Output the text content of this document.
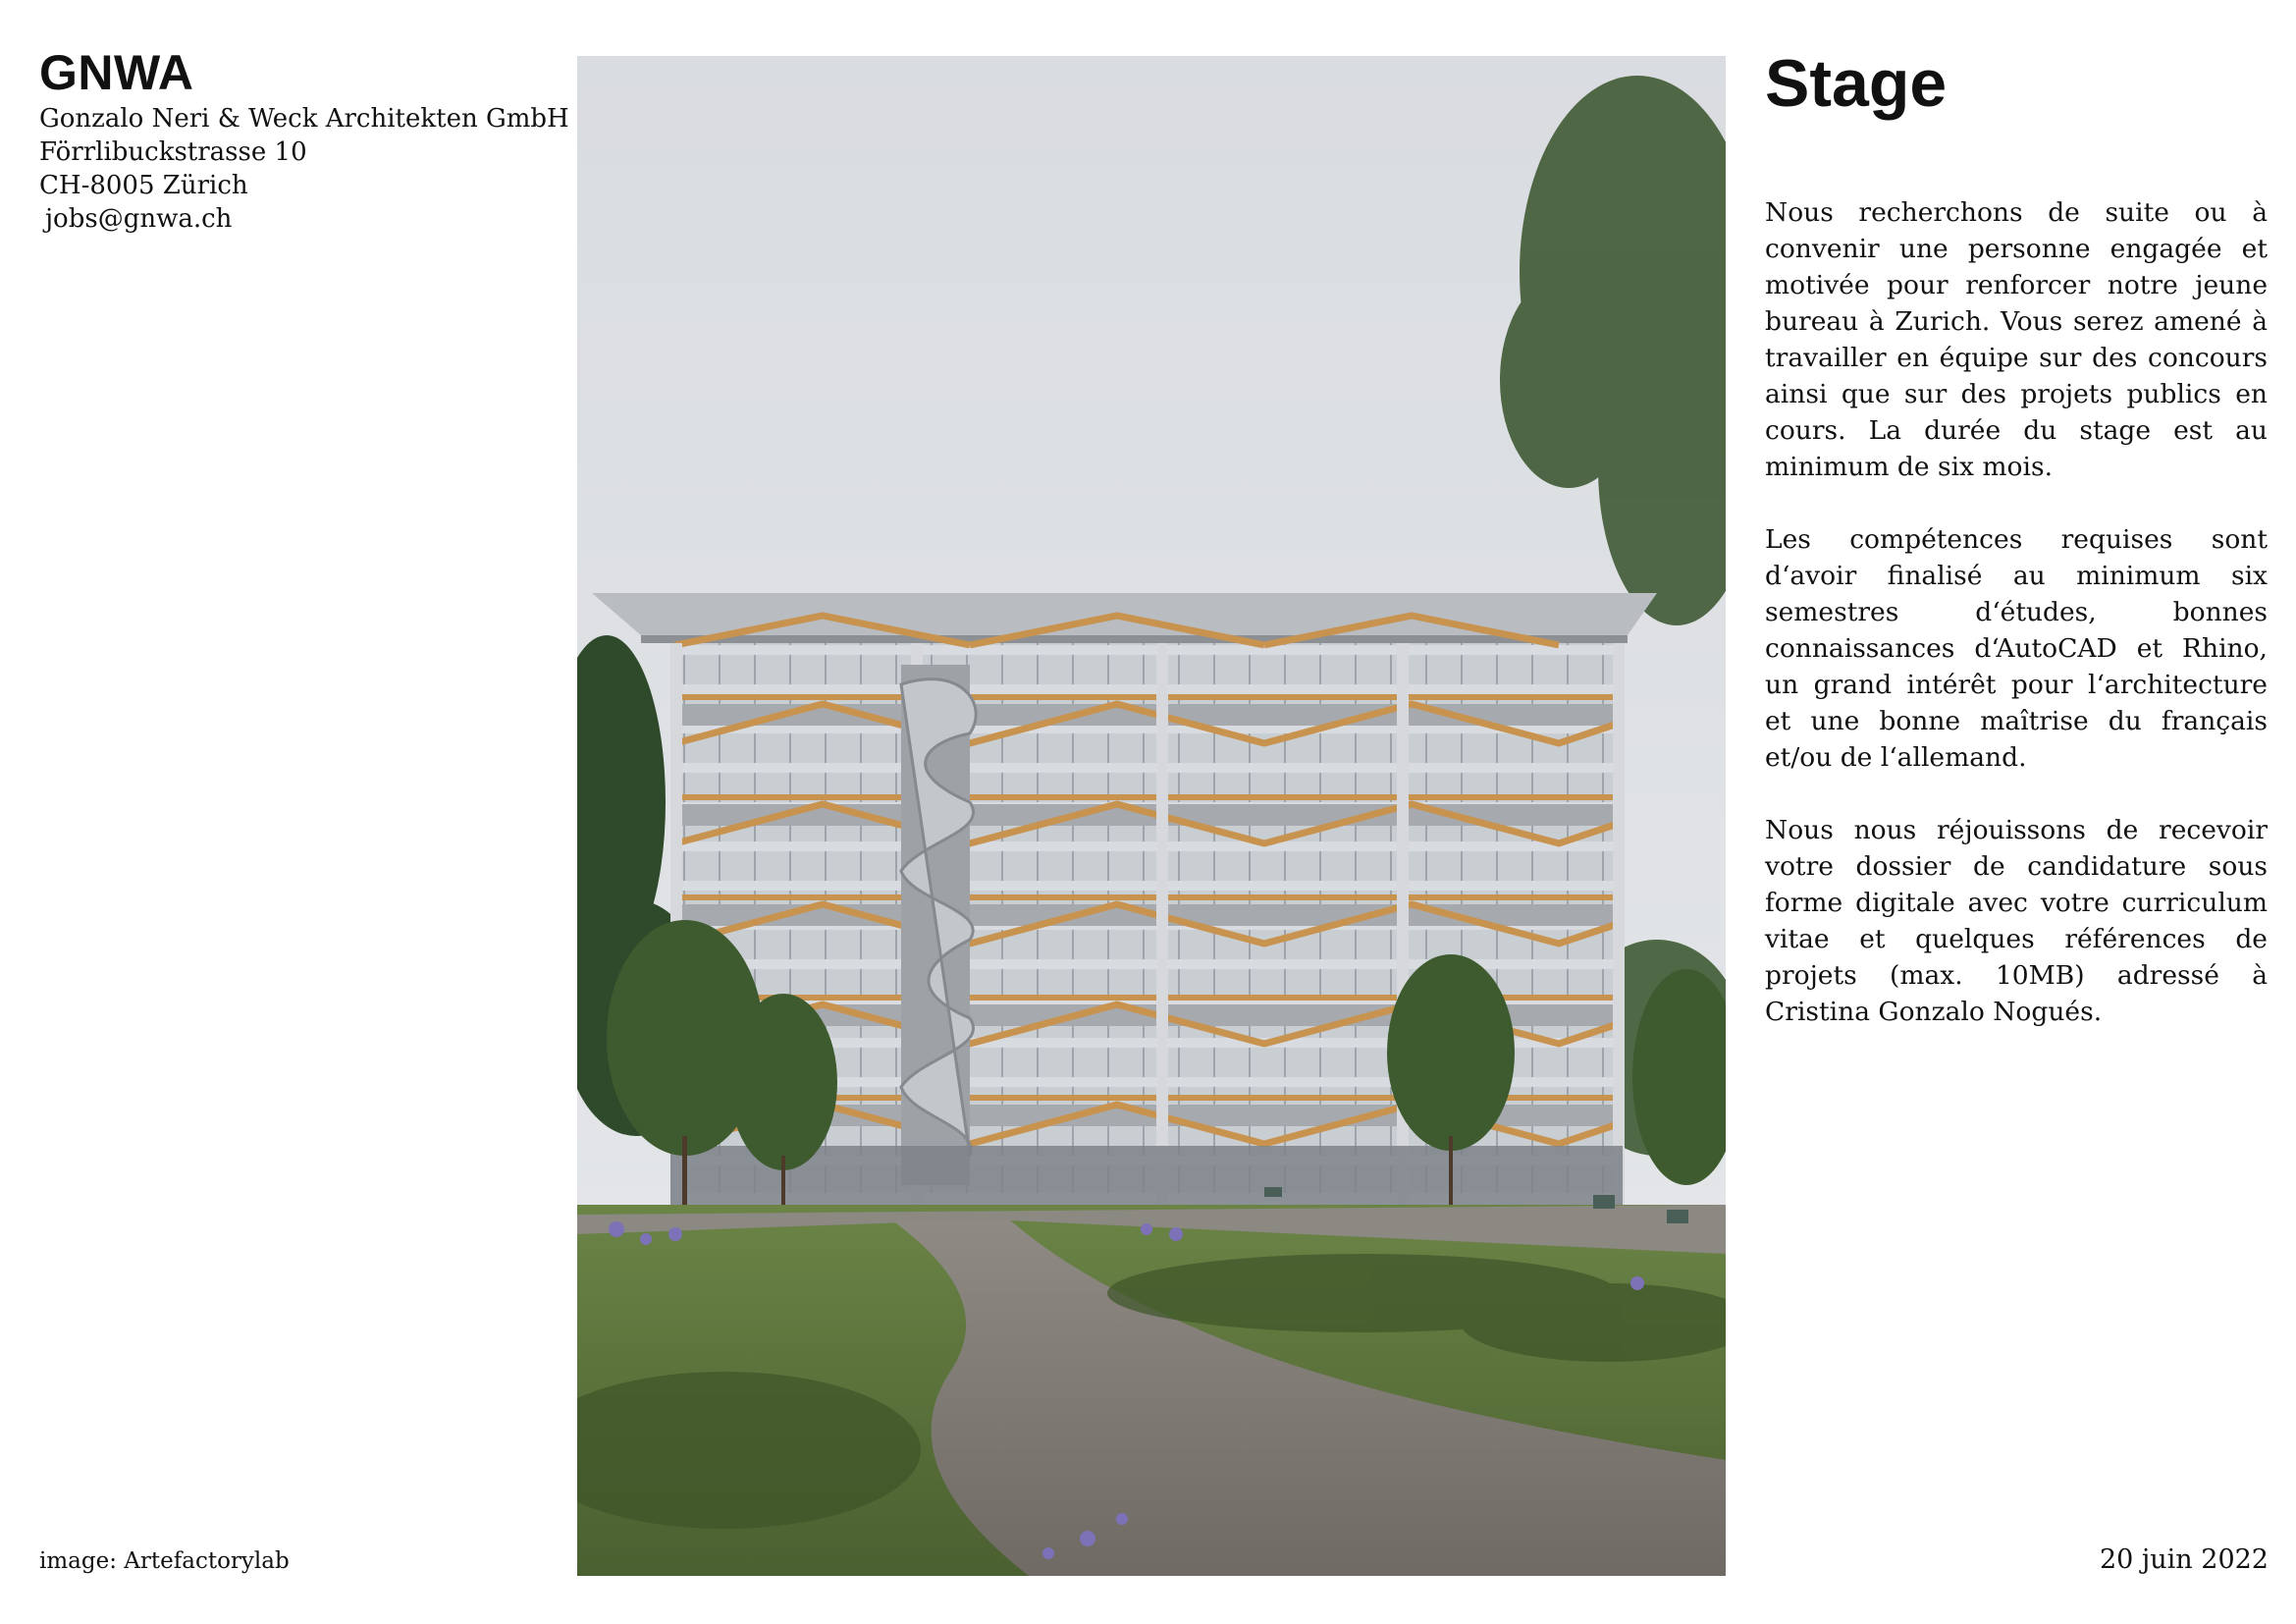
GNWA
Gonzalo Neri & Weck Architekten GmbH
Förrlibuckstrasse 10
CH-8005 Zürich
jobs@gnwa.ch
image: Artefactorylab
Stage

Nous recherchons de suite ou à convenir une personne engagée et motivée pour renforcer notre jeune bureau à Zurich. Vous serez amené à travailler en équipe sur des concours ainsi que sur des projets publics en cours. La durée du stage est au minimum de six mois.

Les compétences requises sont d‘avoir finalisé au minimum six semestres d‘études, bonnes connaissances d‘AutoCAD et Rhino, un grand intérêt pour l‘architecture et une bonne maîtrise du français et/ou de l‘allemand.

Nous nous réjouissons de recevoir votre dossier de candidature sous forme digitale avec votre curriculum vitae et quelques références de projets (max. 10MB) adressé à Cristina Gonzalo Nogués.

20 juin 2022
